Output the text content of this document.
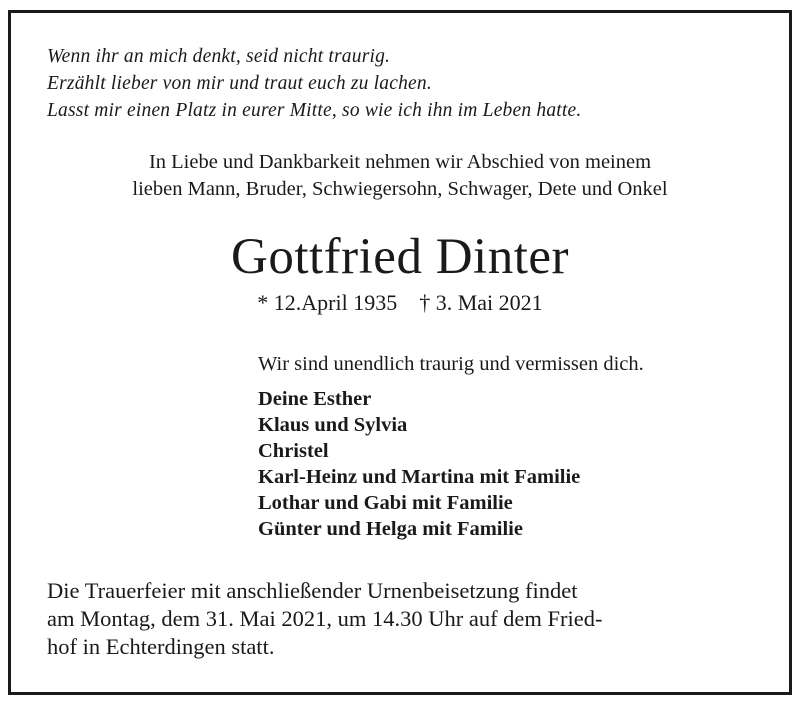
Wenn ihr an mich denkt, seid nicht traurig.
Erzählt lieber von mir und traut euch zu lachen.
Lasst mir einen Platz in eurer Mitte, so wie ich ihn im Leben hatte.
In Liebe und Dankbarkeit nehmen wir Abschied von meinem
lieben Mann, Bruder, Schwiegersohn, Schwager, Dete und Onkel
Gottfried Dinter
* 12.April 1935    † 3. Mai 2021
Wir sind unendlich traurig und vermissen dich.
Deine Esther
Klaus und Sylvia
Christel
Karl-Heinz und Martina mit Familie
Lothar und Gabi mit Familie
Günter und Helga mit Familie
Die Trauerfeier mit anschließender Urnenbeisetzung findet
am Montag, dem 31. Mai 2021, um 14.30 Uhr auf dem Fried-
hof in Echterdingen statt.
